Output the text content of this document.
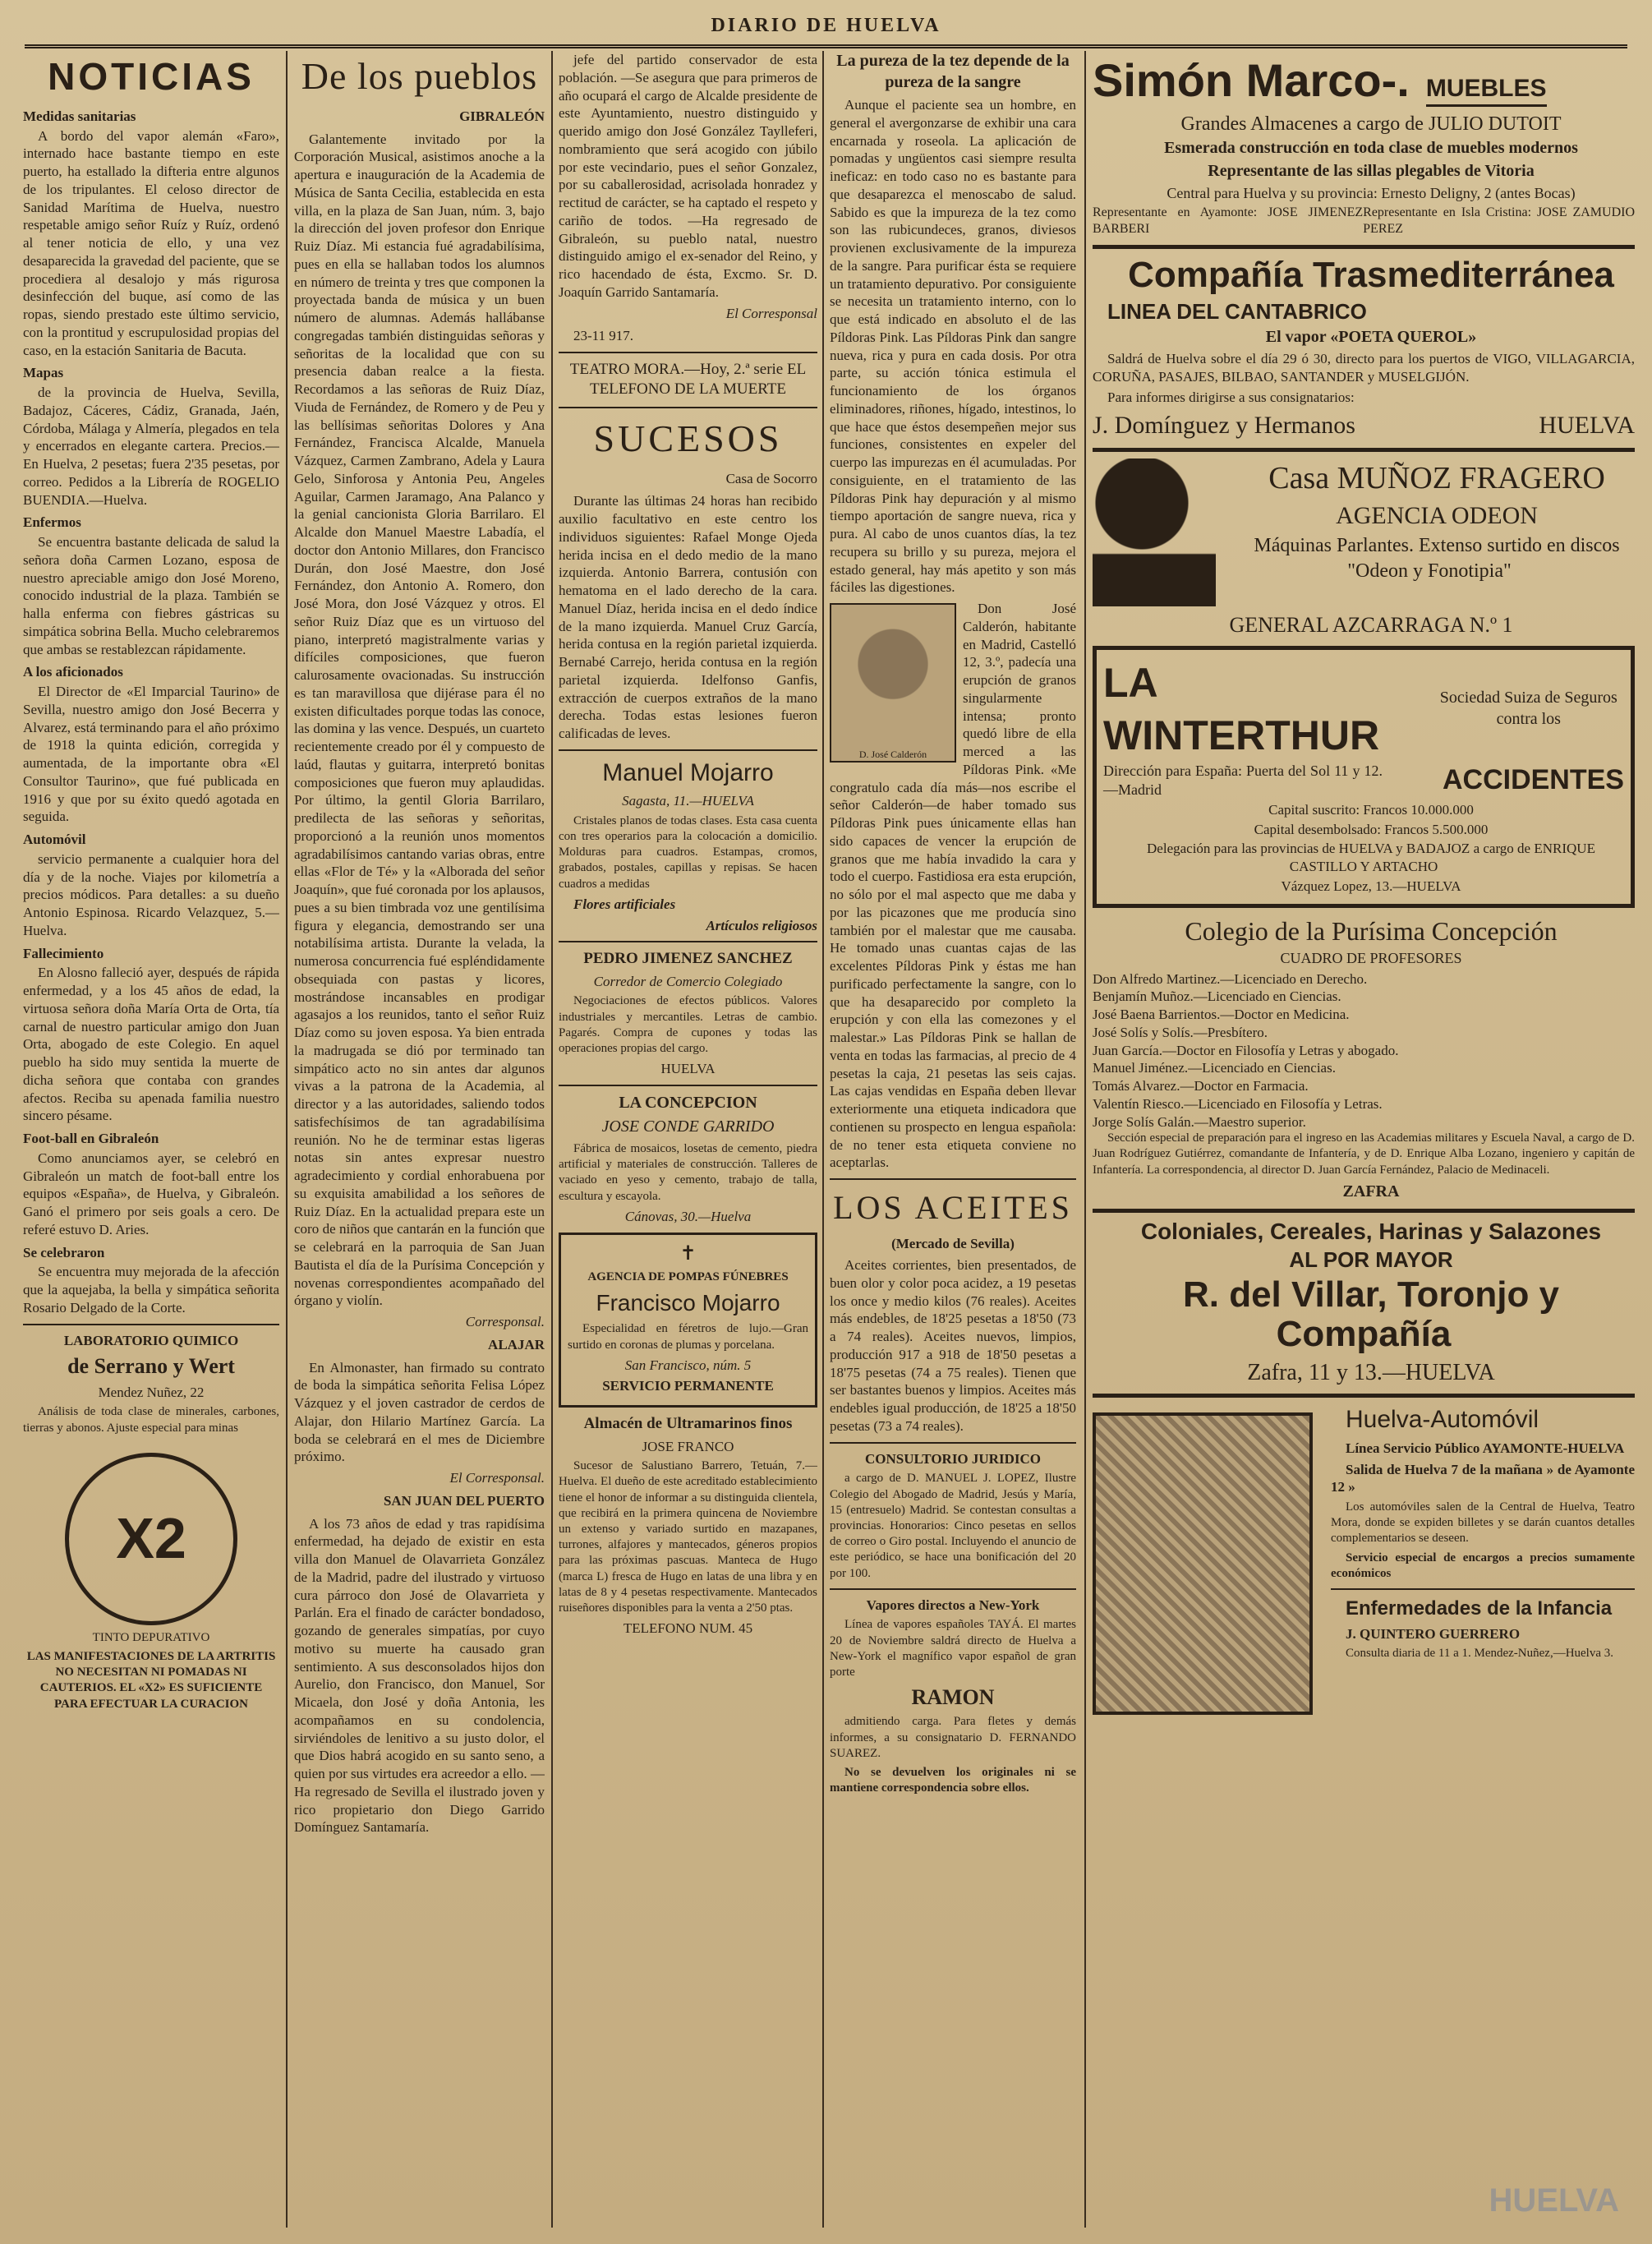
DIARIO DE HUELVA
NOTICIAS
Medidas sanitarias

A bordo del vapor alemán «Faro», internado hace bastante tiempo en este puerto, ha estallado la difteria entre algunos de los tripulantes. El celoso director de Sanidad Marítima de Huelva, nuestro respetable amigo señor Ruíz y Ruíz, ordenó al tener noticia de ello, y una vez desaparecida la gravedad del paciente, que se procediera al desalojo y más rigurosa desinfección del buque, así como de las ropas, siendo prestado este último servicio, con la prontitud y escrupulosidad propias del caso, en la estación Sanitaria de Bacuta.

Mapas

de la provincia de Huelva, Sevilla, Badajoz, Cáceres, Cádiz, Granada, Jaén, Córdoba, Málaga y Almería, plegados en tela y encerrados en elegante cartera. Precios.—En Huelva, 2 pesetas; fuera 2'35 pesetas, por correo. Pedidos a la Librería de ROGELIO BUENDIA.—Huelva.

Enfermos

Se encuentra bastante delicada de salud la señora doña Carmen Lozano, esposa de nuestro apreciable amigo don José Moreno, conocido industrial de la plaza. También se halla enferma con fiebres gástricas su simpática sobrina Bella. Mucho celebraremos que ambas se restablezcan rápidamente.

A los aficionados

El Director de «El Imparcial Taurino» de Sevilla, nuestro amigo don José Becerra y Alvarez, está terminando para el año próximo de 1918 la quinta edición, corregida y aumentada, de la importante obra «El Consultor Taurino», que fué publicada en 1916 y que por su éxito quedó agotada en seguida.

Automóvil

servicio permanente a cualquier hora del día y de la noche. Viajes por kilometría a precios módicos. Para detalles: a su dueño Antonio Espinosa. Ricardo Velazquez, 5.—Huelva.

Fallecimiento

En Alosno falleció ayer, después de rápida enfermedad, y a los 45 años de edad, la virtuosa señora doña María Orta de Orta, tía carnal de nuestro particular amigo don Juan Orta, abogado de este Colegio. En aquel pueblo ha sido muy sentida la muerte de dicha señora que contaba con grandes afectos. Reciba su apenada familia nuestro sincero pésame.

Foot-ball en Gibraleón

Como anunciamos ayer, se celebró en Gibraleón un match de foot-ball entre los equipos «España», de Huelva, y Gibraleón. Ganó el primero por seis goals a cero. De referé estuvo D. Aries.

Se celebraron

Se encuentra muy mejorada de la afección que la aquejaba, la bella y simpática señorita Rosario Delgado de la Corte.

LABORATORIO QUIMICO

de Serrano y Wert

Mendez Nuñez, 22

Análisis de toda clase de minerales, carbones, tierras y abonos. Ajuste especial para minas

X2

TINTO DEPURATIVO

LAS MANIFESTACIONES DE LA ARTRITIS NO NECESITAN NI POMADAS NI CAUTERIOS. EL «X2» ES SUFICIENTE PARA EFECTUAR LA CURACION

De los pueblos

GIBRALEÓN

Galantemente invitado por la Corporación Musical, asistimos anoche a la apertura e inauguración de la Academia de Música de Santa Cecilia, establecida en esta villa, en la plaza de San Juan, núm. 3, bajo la dirección del joven profesor don Enrique Ruiz Díaz. Mi estancia fué agradabilísima, pues en ella se hallaban todos los alumnos en número de treinta y tres que componen la proyectada banda de música y un buen número de alumnas. Además hallábanse congregadas también distinguidas señoras y señoritas de la localidad que con su presencia daban realce a la fiesta. Recordamos a las señoras de Ruiz Díaz, Viuda de Fernández, de Romero y de Peu y las bellísimas señoritas Dolores y Ana Fernández, Francisca Alcalde, Manuela Vázquez, Carmen Zambrano, Adela y Laura Gelo, Sinforosa y Antonia Peu, Angeles Aguilar, Carmen Jaramago, Ana Palanco y la genial cancionista Gloria Barrilaro. El Alcalde don Manuel Maestre Labadía, el doctor don Antonio Millares, don Francisco Durán, don José Maestre, don José Fernández, don Antonio A. Romero, don José Mora, don José Vázquez y otros. El señor Ruiz Díaz que es un virtuoso del piano, interpretó magistralmente varias y difíciles composiciones, que fueron calurosamente ovacionadas. Su instrucción es tan maravillosa que dijérase para él no existen dificultades porque todas las conoce, las domina y las vence. Después, un cuarteto recientemente creado por él y compuesto de laúd, flautas y guitarra, interpretó bonitas composiciones que fueron muy aplaudidas. Por último, la gentil Gloria Barrilaro, predilecta de las señoras y señoritas, proporcionó a la reunión unos momentos agradabilísimos cantando varias obras, entre ellas «Flor de Té» y la «Alborada del señor Joaquín», que fué coronada por los aplausos, pues a su bien timbrada voz une gentilísima figura y elegancia, demostrando ser una notabilísima artista. Durante la velada, la numerosa concurrencia fué espléndidamente obsequiada con pastas y licores, mostrándose incansables en prodigar agasajos a los reunidos, tanto el señor Ruiz Díaz como su joven esposa. Ya bien entrada la madrugada se dió por terminado tan simpático acto no sin antes dar algunos vivas a la patrona de la Academia, al director y a las autoridades, saliendo todos satisfechísimos de tan agradabilísima reunión. No he de terminar estas ligeras notas sin antes expresar nuestro agradecimiento y cordial enhorabuena por su exquisita amabilidad a los señores de Ruiz Díaz. En la actualidad prepara este un coro de niños que cantarán en la función que se celebrará en la parroquia de San Juan Bautista el día de la Purísima Concepción y novenas correspondientes acompañado del órgano y violín.

Corresponsal.

ALAJAR

En Almonaster, han firmado su contrato de boda la simpática señorita Felisa López Vázquez y el joven castrador de cerdos de Alajar, don Hilario Martínez García. La boda se celebrará en el mes de Diciembre próximo.

El Corresponsal.

SAN JUAN DEL PUERTO

A los 73 años de edad y tras rapidísima enfermedad, ha dejado de existir en esta villa don Manuel de Olavarrieta González de la Madrid, padre del ilustrado y virtuoso cura párroco don José de Olavarrieta y Parlán. Era el finado de carácter bondadoso, gozando de generales simpatías, por cuyo motivo su muerte ha causado gran sentimiento. A sus desconsolados hijos don Aurelio, don Francisco, don Manuel, Sor Micaela, don José y doña Antonia, les acompañamos en su condolencia, sirviéndoles de lenitivo a su justo dolor, el que Dios habrá acogido en su santo seno, a quien por sus virtudes era acreedor a ello. —Ha regresado de Sevilla el ilustrado joven y rico propietario don Diego Garrido Domínguez Santamaría.

jefe del partido conservador de esta población. —Se asegura que para primeros de año ocupará el cargo de Alcalde presidente de este Ayuntamiento, nuestro distinguido y querido amigo don José González Taylleferi, nombramiento que será acogido con júbilo por este vecindario, pues el señor Gonzalez, por su caballerosidad, acrisolada honradez y rectitud de carácter, se ha captado el respeto y cariño de todos. —Ha regresado de Gibraleón, su pueblo natal, nuestro distinguido amigo el ex-senador del Reino, y rico hacendado de ésta, Excmo. Sr. D. Joaquín Garrido Santamaría.

El Corresponsal

23-11 917.

TEATRO MORA.—Hoy, 2.ª serie EL TELEFONO DE LA MUERTE

SUCESOS

Casa de Socorro

Durante las últimas 24 horas han recibido auxilio facultativo en este centro los individuos siguientes: Rafael Monge Ojeda herida incisa en el dedo medio de la mano izquierda. Antonio Barrera, contusión con hematoma en el lado derecho de la cara. Manuel Díaz, herida incisa en el dedo índice de la mano izquierda. Manuel Cruz García, herida contusa en la región parietal izquierda. Bernabé Carrejo, herida contusa en la región parietal izquierda. Idelfonso Ganfis, extracción de cuerpos extraños de la mano derecha. Todas estas lesiones fueron calificadas de leves.

Manuel Mojarro

Sagasta, 11.—HUELVA

Cristales planos de todas clases. Esta casa cuenta con tres operarios para la colocación a domicilio. Molduras para cuadros. Estampas, cromos, grabados, postales, capillas y repisas. Se hacen cuadros a medidas

Flores artificiales

Artículos religiosos

PEDRO JIMENEZ SANCHEZ

Corredor de Comercio Colegiado

Negociaciones de efectos públicos. Valores industriales y mercantiles. Letras de cambio. Pagarés. Compra de cupones y todas las operaciones propias del cargo.

HUELVA

LA CONCEPCION

JOSE CONDE GARRIDO

Fábrica de mosaicos, losetas de cemento, piedra artificial y materiales de construcción. Talleres de vaciado en yeso y cemento, trabajo de talla, escultura y escayola.

Cánovas, 30.—Huelva

✝

AGENCIA DE POMPAS FÚNEBRES

Francisco Mojarro

Especialidad en féretros de lujo.—Gran surtido en coronas de plumas y porcelana.

San Francisco, núm. 5

SERVICIO PERMANENTE

Almacén de Ultramarinos finos

JOSE FRANCO

Sucesor de Salustiano Barrero, Tetuán, 7.—Huelva. El dueño de este acreditado establecimiento tiene el honor de informar a su distinguida clientela, que recibirá en la primera quincena de Noviembre un extenso y variado surtido en mazapanes, turrones, alfajores y mantecados, géneros propios para las próximas pascuas. Manteca de Hugo (marca L) fresca de Hugo en latas de una libra y en latas de 8 y 4 pesetas respectivamente. Mantecados ruiseñores disponibles para la venta a 2'50 ptas.

TELEFONO NUM. 45

La pureza de la tez depende de la pureza de la sangre

Aunque el paciente sea un hombre, en general el avergonzarse de exhibir una cara encarnada y roseola. La aplicación de pomadas y ungüentos casi siempre resulta ineficaz: en todo caso no es bastante para que desaparezca el menoscabo de salud. Sabido es que la impureza de la tez como son las rubicundeces, granos, diviesos provienen exclusivamente de la impureza de la sangre. Para purificar ésta se requiere un tratamiento depurativo. Por consiguiente se necesita un tratamiento interno, con lo que está indicado en absoluto el de las Píldoras Pink. Las Píldoras Pink dan sangre nueva, rica y pura en cada dosis. Por otra parte, su acción tónica estimula el funcionamiento de los órganos eliminadores, riñones, hígado, intestinos, lo que hace que éstos desempeñen mejor sus funciones, consistentes en expeler del cuerpo las impurezas en él acumuladas. Por consiguiente, en el tratamiento de las Píldoras Pink hay depuración y al mismo tiempo aportación de sangre nueva, rica y pura. Al cabo de unos cuantos días, la tez recupera su brillo y su pureza, mejora el estado general, hay más apetito y son más fáciles las digestiones.

D. José Calderón

Don José Calderón, habitante en Madrid, Castelló 12, 3.º, padecía una erupción de granos singularmente intensa; pronto quedó libre de ella merced a las Píldoras Pink. «Me congratulo cada día más—nos escribe el señor Calderón—de haber tomado sus Píldoras Pink pues únicamente ellas han sido capaces de vencer la erupción de granos que me había invadido la cara y todo el cuerpo. Fastidiosa era esta erupción, no sólo por el mal aspecto que me daba y por las picazones que me producía sino también por el malestar que me causaba. He tomado unas cuantas cajas de las excelentes Píldoras Pink y éstas me han purificado perfectamente la sangre, con lo que ha desaparecido por completo la erupción y con ella las comezones y el malestar.» Las Píldoras Pink se hallan de venta en todas las farmacias, al precio de 4 pesetas la caja, 21 pesetas las seis cajas. Las cajas vendidas en España deben llevar exteriormente una etiqueta indicadora que contienen su prospecto en lengua española: de no tener esta etiqueta conviene no aceptarlas.

LOS ACEITES

(Mercado de Sevilla)

Aceites corrientes, bien presentados, de buen olor y color poca acidez, a 19 pesetas los once y medio kilos (76 reales). Aceites más endebles, de 18'25 pesetas a 18'50 (73 a 74 reales). Aceites nuevos, limpios, producción 917 a 918 de 18'50 pesetas a 18'75 pesetas (74 a 75 reales). Tienen que ser bastantes buenos y limpios. Aceites más endebles igual producción, de 18'25 a 18'50 pesetas (73 a 74 reales).

CONSULTORIO JURIDICO

a cargo de D. MANUEL J. LOPEZ, Ilustre Colegio del Abogado de Madrid, Jesús y María, 15 (entresuelo) Madrid. Se contestan consultas a provincias. Honorarios: Cinco pesetas en sellos de correo o Giro postal. Incluyendo el anuncio de este periódico, se hace una bonificación del 20 por 100.

Vapores directos a New-York

Línea de vapores españoles TAYÁ. El martes 20 de Noviembre saldrá directo de Huelva a New-York el magnífico vapor español de gran porte

RAMON

admitiendo carga. Para fletes y demás informes, a su consignatario D. FERNANDO SUAREZ.

No se devuelven los originales ni se mantiene correspondencia sobre ellos.

Simón Marco-. MUEBLES

Grandes Almacenes a cargo de JULIO DUTOIT

Esmerada construcción en toda clase de muebles modernos

Representante de las sillas plegables de Vitoria

Central para Huelva y su provincia: Ernesto Deligny, 2 (antes Bocas)

Representante en Ayamonte: JOSE JIMENEZ BARBERI
Representante en Isla Cristina: JOSE ZAMUDIO PEREZ

Compañía Trasmediterránea

LINEA DEL CANTABRICO

El vapor «POETA QUEROL»

Saldrá de Huelva sobre el día 29 ó 30, directo para los puertos de VIGO, VILLAGARCIA, CORUÑA, PASAJES, BILBAO, SANTANDER y MUSELGIJÓN.

Para informes dirigirse a sus consignatarios:

J. Domínguez y Hermanos	HUELVA

Casa MUÑOZ FRAGERO

AGENCIA ODEON

Máquinas Parlantes. Extenso surtido en discos "Odeon y Fonotipia"

GENERAL AZCARRAGA N.º 1

LA WINTERTHUR
Sociedad Suiza de Seguros contra los
Dirección para España: Puerta del Sol 11 y 12.—Madrid	ACCIDENTES

Capital suscrito: Francos 10.000.000

Capital desembolsado: Francos 5.500.000

Delegación para las provincias de HUELVA y BADAJOZ a cargo de ENRIQUE CASTILLO Y ARTACHO

Vázquez Lopez, 13.—HUELVA

Colegio de la Purísima Concepción

CUADRO DE PROFESORES

Don Alfredo Martinez.—Licenciado en Derecho.

Benjamín Muñoz.—Licenciado en Ciencias.

José Baena Barrientos.—Doctor en Medicina.

José Solís y Solís.—Presbítero.

Juan García.—Doctor en Filosofía y Letras y abogado.

Manuel Jiménez.—Licenciado en Ciencias.

Tomás Alvarez.—Doctor en Farmacia.

Valentín Riesco.—Licenciado en Filosofía y Letras.

Jorge Solís Galán.—Maestro superior.

Sección especial de preparación para el ingreso en las Academias militares y Escuela Naval, a cargo de D. Juan Rodríguez Gutiérrez, comandante de Infantería, y de D. Enrique Alba Lozano, ingeniero y capitán de Infantería. La correspondencia, al director D. Juan García Fernández, Palacio de Medinaceli.

ZAFRA

Coloniales, Cereales, Harinas y Salazones

AL POR MAYOR

R. del Villar, Toronjo y Compañía

Zafra, 11 y 13.—HUELVA

Huelva-Automóvil

Línea Servicio Público AYAMONTE-HUELVA

Salida de Huelva 7 de la mañana » de Ayamonte 12 »

Los automóviles salen de la Central de Huelva, Teatro Mora, donde se expiden billetes y se darán cuantos detalles complementarios se deseen.

Servicio especial de encargos a precios sumamente económicos

Enfermedades de la Infancia

J. QUINTERO GUERRERO

Consulta diaria de 11 a 1. Mendez-Nuñez,—Huelva 3.

HUELVA
